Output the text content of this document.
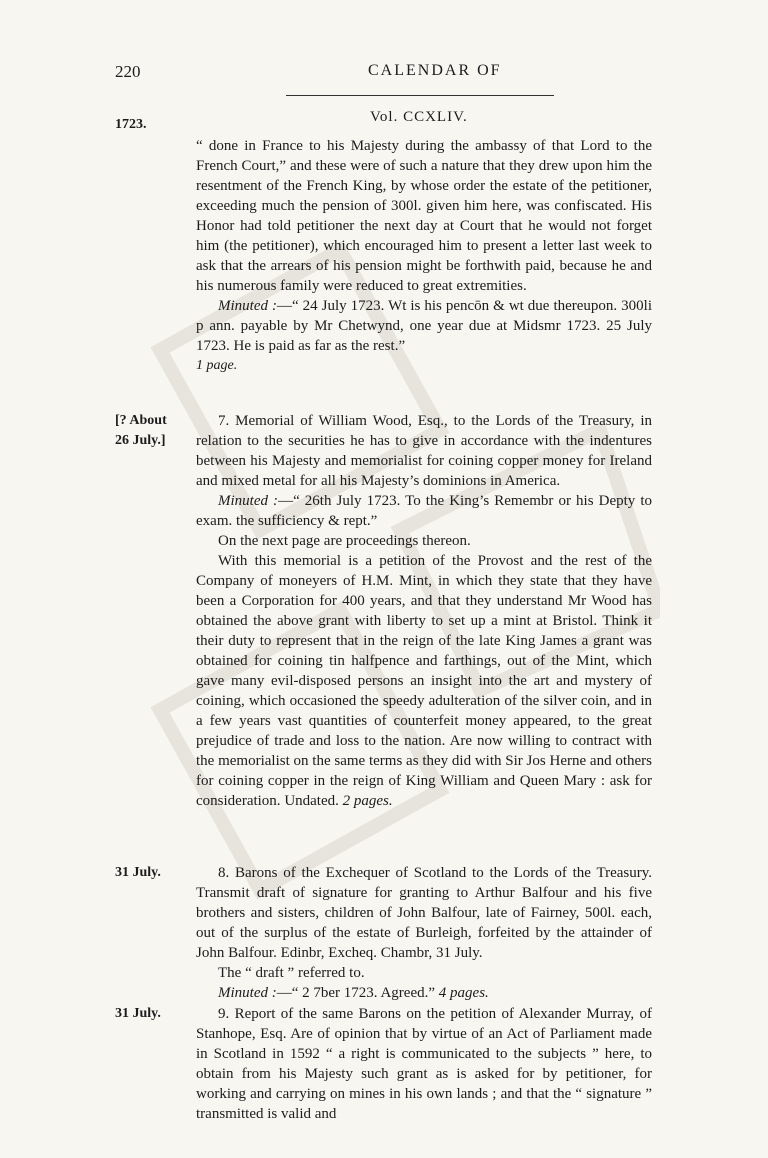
220	CALENDAR OF
Vol. CCXLIV.
1723.

“ done in France to his Majesty during the ambassy of that Lord to the French Court,” and these were of such a nature that they drew upon him the resentment of the French King, by whose order the estate of the petitioner, exceeding much the pension of 300l. given him here, was confiscated. His Honor had told petitioner the next day at Court that he would not forget him (the petitioner), which encouraged him to present a letter last week to ask that the arrears of his pension might be forthwith paid, because he and his numerous family were reduced to great extremities.

Minuted :—“ 24 July 1723. Wt is his pencōn & wt due thereupon. 300li p ann. payable by Mr Chetwynd, one year due at Midsmr 1723. 25 July 1723. He is paid as far as the rest.”

1 page.

[? About
26 July.]

7. Memorial of William Wood, Esq., to the Lords of the Treasury, in relation to the securities he has to give in accordance with the indentures between his Majesty and memorialist for coining copper money for Ireland and mixed metal for all his Majesty’s dominions in America.

Minuted :—“ 26th July 1723. To the King’s Remembr or his Depty to exam. the sufficiency & rept.”

On the next page are proceedings thereon.

With this memorial is a petition of the Provost and the rest of the Company of moneyers of H.M. Mint, in which they state that they have been a Corporation for 400 years, and that they understand Mr Wood has obtained the above grant with liberty to set up a mint at Bristol. Think it their duty to represent that in the reign of the late King James a grant was obtained for coining tin halfpence and farthings, out of the Mint, which gave many evil-disposed persons an insight into the art and mystery of coining, which occasioned the speedy adulteration of the silver coin, and in a few years vast quantities of counterfeit money appeared, to the great prejudice of trade and loss to the nation. Are now willing to contract with the memorialist on the same terms as they did with Sir Jos Herne and others for coining copper in the reign of King William and Queen Mary : ask for consideration. Undated. 2 pages.

31 July.	8. Barons of the Exchequer of Scotland to the Lords of the Treasury. Transmit draft of signature for granting to Arthur Balfour and his five brothers and sisters, children of John Balfour, late of Fairney, 500l. each, out of the surplus of the estate of Burleigh, forfeited by the attainder of John Balfour. Edinbr, Excheq. Chambr, 31 July.

The “ draft ” referred to.

Minuted :—“ 2 7ber 1723. Agreed.” 4 pages.

31 July.	9. Report of the same Barons on the petition of Alexander Murray, of Stanhope, Esq. Are of opinion that by virtue of an Act of Parliament made in Scotland in 1592 “ a right is communicated to the subjects ” here, to obtain from his Majesty such grant as is asked for by petitioner, for working and carrying on mines in his own lands ; and that the “ signature ” transmitted is valid and
